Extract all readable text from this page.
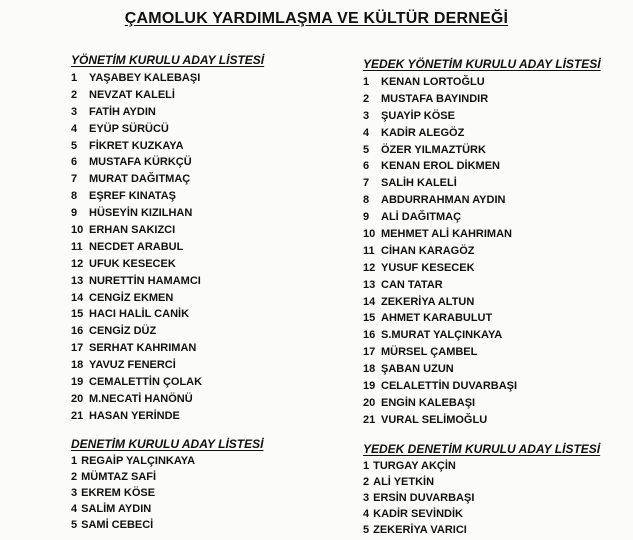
ÇAMOLUK YARDIMLAŞMA VE KÜLTÜR DERNEĞİ
YÖNETİM KURULU ADAY LİSTESİ
1 YAŞABEY KALEBAŞI
2 NEVZAT KALELİ
3 FATİH AYDIN
4 EYÜP SÜRÜCÜ
5 FİKRET KUZKAYA
6 MUSTAFA KÜRKÇÜ
7 MURAT DAĞITMAÇ
8 EŞREF KINATAŞ
9 HÜSEYİN KIZILHAN
10 ERHAN SAKIZCI
11 NECDET ARABUL
12 UFUK KESECEK
13 NURETTİN HAMAMCI
14 CENGİZ EKMEN
15 HACI HALİL CANİK
16 CENGİZ DÜZ
17 SERHAT KAHRIMAN
18 YAVUZ FENERCİ
19 CEMALETTİN ÇOLAK
20 M.NECATİ HANÖNÜ
21 HASAN YERİNDE
YEDEK YÖNETİM KURULU ADAY LİSTESİ
1 KENAN LORTOĞLU
2 MUSTAFA BAYINDIR
3 ŞUAYİP KÖSE
4 KADİR ALEGÖZ
5 ÖZER YILMAZTÜRK
6 KENAN EROL DİKMEN
7 SALİH KALELİ
8 ABDURRAHMAN AYDIN
9 ALİ DAĞITMAÇ
10 MEHMET ALİ KAHRIMAN
11 CİHAN KARAGÖZ
12 YUSUF KESECEK
13 CAN TATAR
14 ZEKERİYA ALTUN
15 AHMET KARABULUT
16 S.MURAT YALÇINKAYA
17 MÜRSEL ÇAMBEL
18 ŞABAN UZUN
19 CELALETTİN DUVARBAŞI
20 ENGİN KALEBAŞI
21 VURAL SELİMOĞLU
DENETİM KURULU ADAY LİSTESİ
1 REGAİP YALÇINKAYA
2 MÜMTAZ SAFİ
3 EKREM KÖSE
4 SALİM AYDIN
5 SAMİ CEBECİ
YEDEK DENETİM KURULU ADAY LİSTESİ
1 TURGAY AKÇİN
2 ALİ YETKİN
3 ERSİN DUVARBAŞI
4 KADİR SEVİNDİK
5 ZEKERİYA VARICI
